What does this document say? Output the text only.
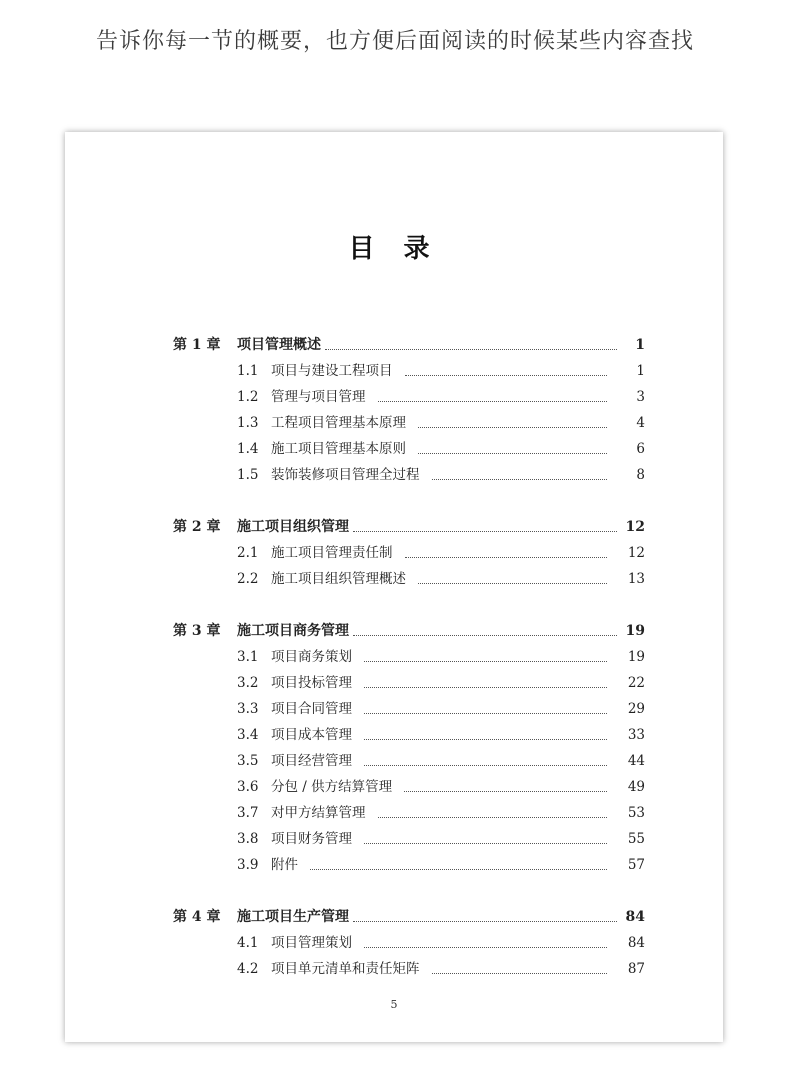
告诉你每一节的概要，也方便后面阅读的时候某些内容查找
目 录
第 1 章	项目管理概述	1
1.1 项目与建设工程项目	1
1.2 管理与项目管理	3
1.3 工程项目管理基本原理	4
1.4 施工项目管理基本原则	6
1.5 装饰装修项目管理全过程	8
第 2 章	施工项目组织管理	12
2.1 施工项目管理责任制	12
2.2 施工项目组织管理概述	13
第 3 章	施工项目商务管理	19
3.1 项目商务策划	19
3.2 项目投标管理	22
3.3 项目合同管理	29
3.4 项目成本管理	33
3.5 项目经营管理	44
3.6 分包 / 供方结算管理	49
3.7 对甲方结算管理	53
3.8 项目财务管理	55
3.9 附件	57
第 4 章	施工项目生产管理	84
4.1 项目管理策划	84
4.2 项目单元清单和责任矩阵	87
5
